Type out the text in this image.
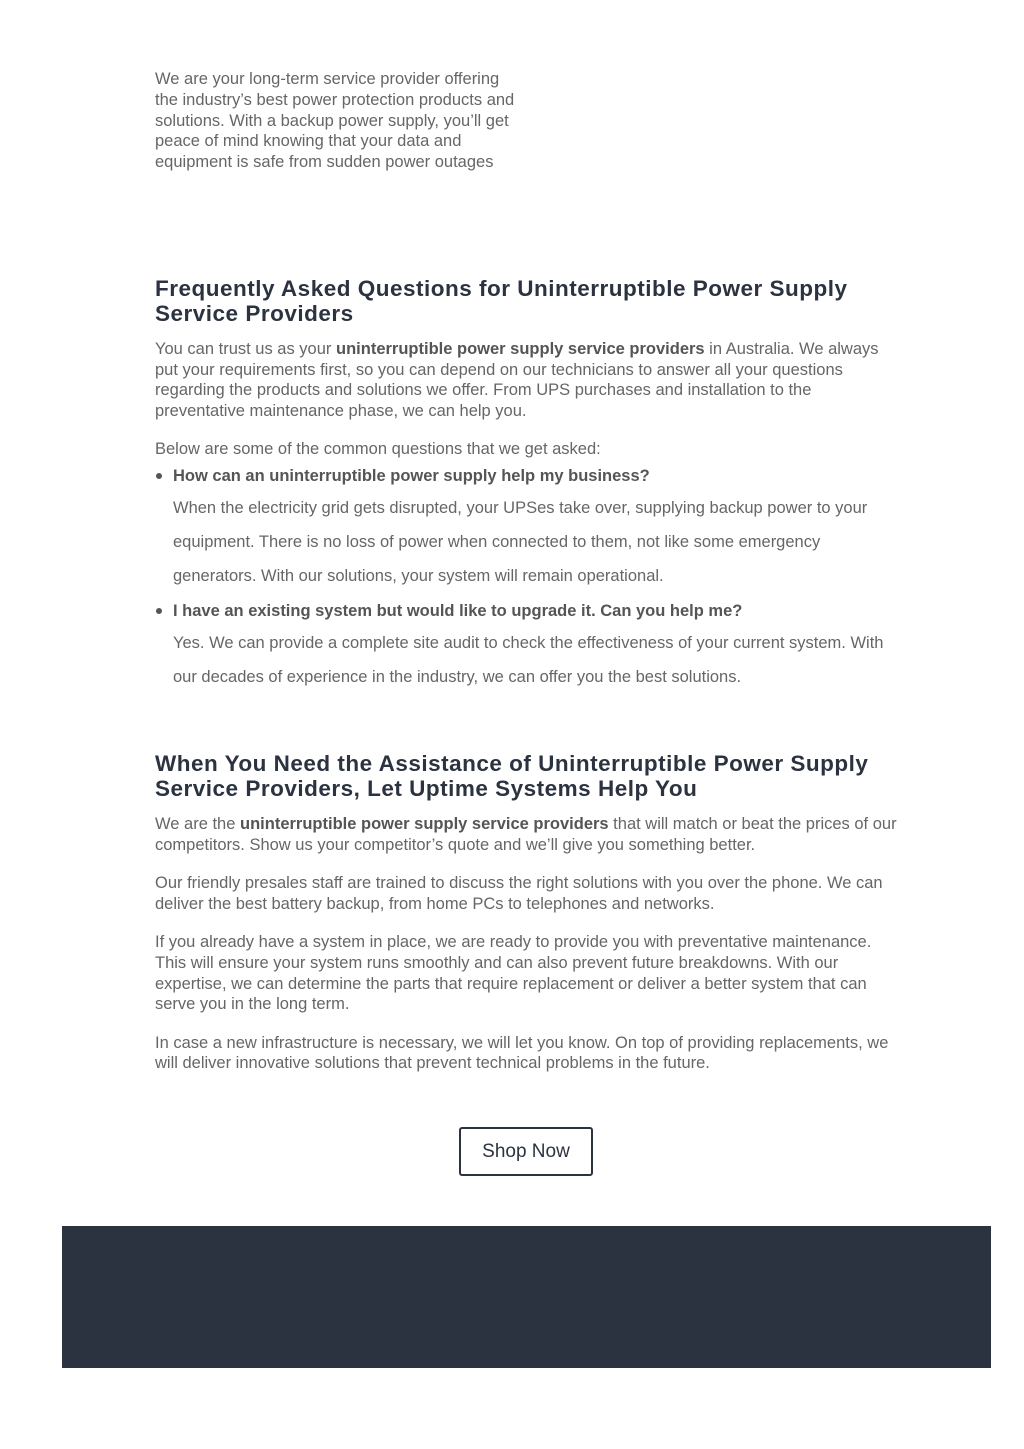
We are your long-term service provider offering the industry’s best power protection products and solutions. With a backup power supply, you’ll get peace of mind knowing that your data and equipment is safe from sudden power outages

Frequently Asked Questions for Uninterruptible Power Supply Service Providers

You can trust us as your uninterruptible power supply service providers in Australia. We always put your requirements first, so you can depend on our technicians to answer all your questions regarding the products and solutions we offer. From UPS purchases and installation to the preventative maintenance phase, we can help you.

Below are some of the common questions that we get asked:

How can an uninterruptible power supply help my business?
When the electricity grid gets disrupted, your UPSes take over, supplying backup power to your equipment. There is no loss of power when connected to them, not like some emergency generators. With our solutions, your system will remain operational.
I have an existing system but would like to upgrade it. Can you help me?
Yes. We can provide a complete site audit to check the effectiveness of your current system. With our decades of experience in the industry, we can offer you the best solutions.
When You Need the Assistance of Uninterruptible Power Supply Service Providers, Let Uptime Systems Help You

We are the uninterruptible power supply service providers that will match or beat the prices of our competitors. Show us your competitor’s quote and we’ll give you something better.

Our friendly presales staff are trained to discuss the right solutions with you over the phone. We can deliver the best battery backup, from home PCs to telephones and networks.

If you already have a system in place, we are ready to provide you with preventative maintenance. This will ensure your system runs smoothly and can also prevent future breakdowns. With our expertise, we can determine the parts that require replacement or deliver a better system that can serve you in the long term.

In case a new infrastructure is necessary, we will let you know. On top of providing replacements, we will deliver innovative solutions that prevent technical problems in the future.

Shop Now
